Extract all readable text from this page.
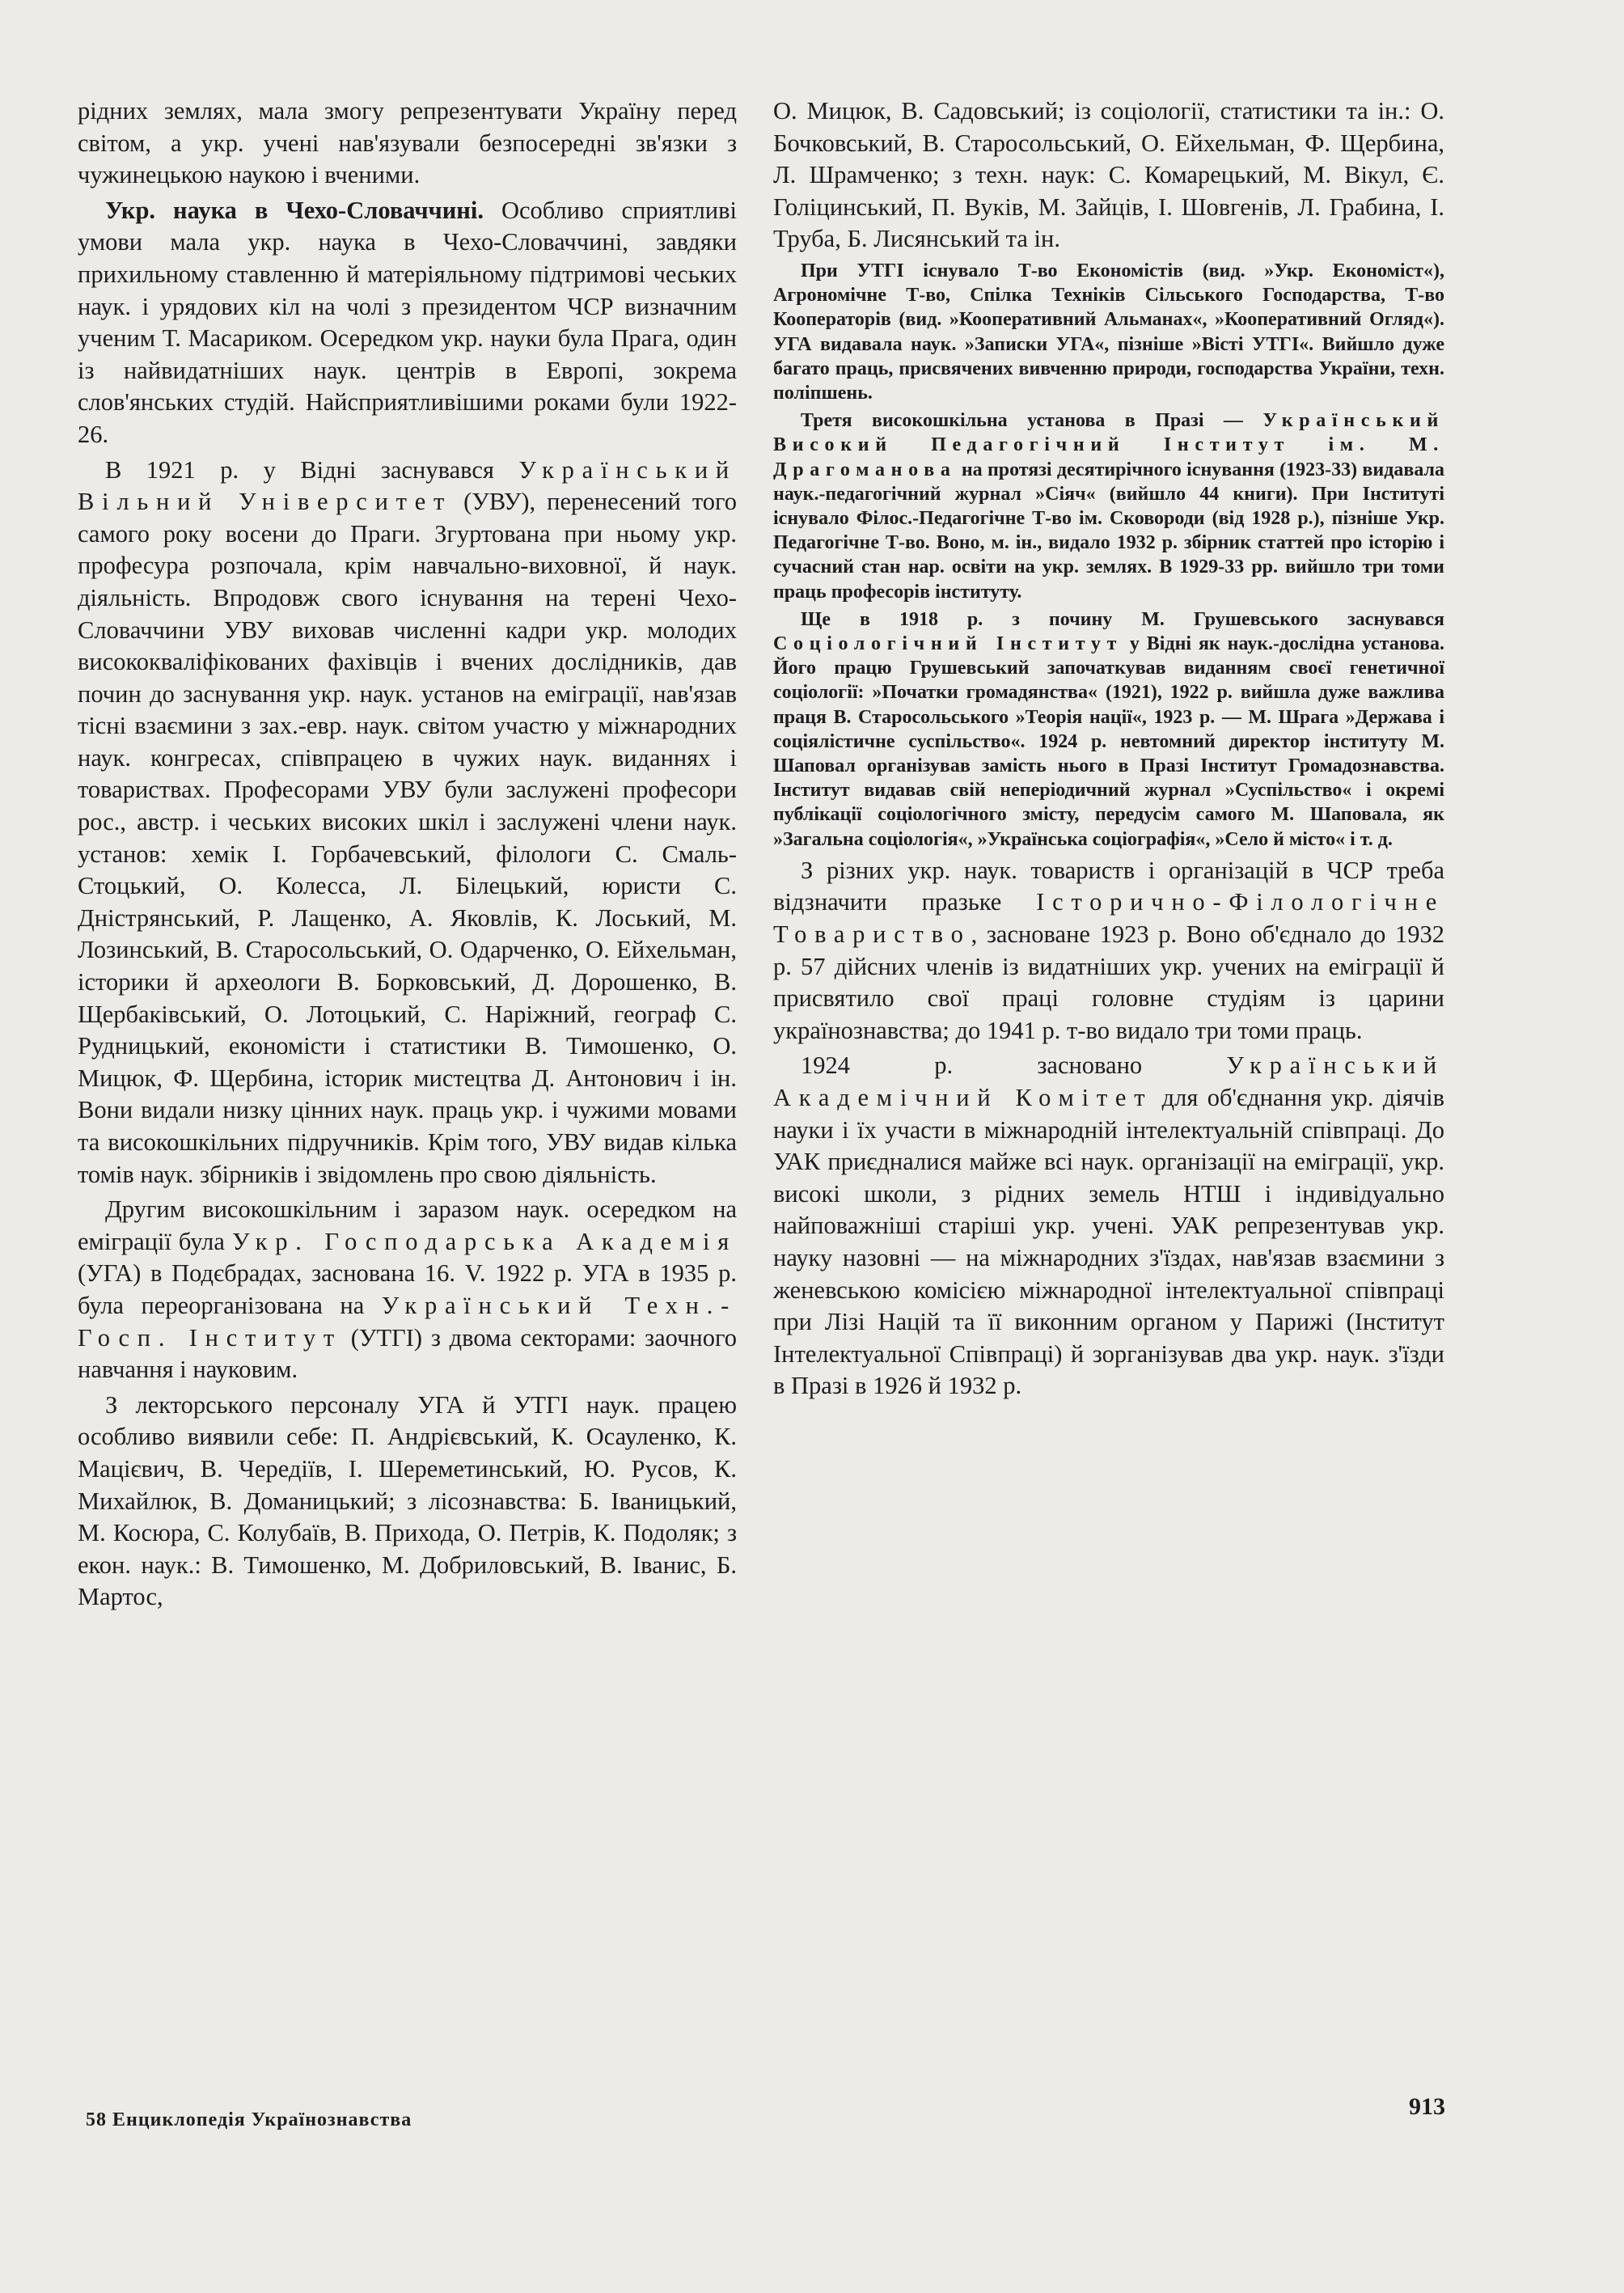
рідних землях, мала змогу репрезентувати Україну перед світом, а укр. учені нав'язували безпосередні зв'язки з чужинецькою наукою і вченими.

Укр. наука в Чехо-Словаччині. Особливо сприятливі умови мала укр. наука в Чехо-Словаччині, завдяки прихильному ставленню й матеріяльному підтримові чеських наук. і урядових кіл на чолі з президентом ЧСР визначним ученим Т. Масариком. Осередком укр. науки була Прага, один із найвидатніших наук. центрів в Европі, зокрема слов'янських студій. Найсприятливішими роками були 1922-26.

В 1921 р. у Відні заснувався Український Вільний Університет (УВУ), перенесений того самого року восени до Праги. Згуртована при ньому укр. професура розпочала, крім навчально-виховної, й наук. діяльність. Впродовж свого існування на терені Чехо-Словаччини УВУ виховав численні кадри укр. молодих висококваліфікованих фахівців і вчених дослідників, дав почин до заснування укр. наук. установ на еміграції, нав'язав тісні взаємини з зах.-евр. наук. світом участю у міжнародних наук. конгресах, співпрацею в чужих наук. виданнях і товариствах. Професорами УВУ були заслужені професори рос., австр. і чеських високих шкіл і заслужені члени наук. установ: хемік І. Горбачевський, філологи С. Смаль-Стоцький, О. Колесса, Л. Білецький, юристи С. Дністрянський, Р. Лащенко, А. Яковлів, К. Лоський, М. Лозинський, В. Старосольський, О. Одарченко, О. Ейхельман, історики й археологи В. Борковський, Д. Дорошенко, В. Щербаківський, О. Лотоцький, С. Наріжний, географ С. Рудницький, економісти і статистики В. Тимошенко, О. Мицюк, Ф. Щербина, історик мистецтва Д. Антонович і ін. Вони видали низку цінних наук. праць укр. і чужими мовами та високошкільних підручників. Крім того, УВУ видав кілька томів наук. збірників і звідомлень про свою діяльність.

Другим високошкільним і заразом наук. осередком на еміграції була Укр. Господарська Академія (УГА) в Подєбрадах, заснована 16. V. 1922 р. УГА в 1935 р. була переорганізована на Український Техн.-Госп. Інститут (УТГІ) з двома секторами: заочного навчання і науковим.

З лекторського персоналу УГА й УТГІ наук. працею особливо виявили себе: П. Андрієвський, К. Осауленко, К. Мацієвич, В. Чередіїв, І. Шереметинський, Ю. Русов, К. Михайлюк, В. Доманицький; з лісознавства: Б. Іваницький, М. Косюра, С. Колубаїв, В. Прихода, О. Петрів, К. Подоляк; з екон. наук.: В. Тимошенко, М. Добриловський, В. Іванис, Б. Мартос,

О. Мицюк, В. Садовський; із соціології, статистики та ін.: О. Бочковський, В. Старосольський, О. Ейхельман, Ф. Щербина, Л. Шрамченко; з техн. наук: С. Комарецький, М. Вікул, Є. Голіцинський, П. Вуків, М. Зайців, І. Шовгенів, Л. Грабина, І. Труба, Б. Лисянський та ін.

При УТГІ існувало Т-во Економістів (вид. »Укр. Економіст«), Агрономічне Т-во, Спілка Техніків Сільського Господарства, Т-во Кооператорів (вид. »Кооперативний Альманах«, »Кооперативний Огляд«). УГА видавала наук. »Записки УГА«, пізніше »Вісті УТГІ«. Вийшло дуже багато праць, присвячених вивченню природи, господарства України, техн. поліпшень.

Третя високошкільна установа в Празі — Український Високий Педагогічний Інститут ім. М. Драгоманова на протязі десятирічного існування (1923-33) видавала наук.-педагогічний журнал »Сіяч« (вийшло 44 книги). При Інституті існувало Філос.-Педагогічне Т-во ім. Сковороди (від 1928 р.), пізніше Укр. Педагогічне Т-во. Воно, м. ін., видало 1932 р. збірник статтей про історію і сучасний стан нар. освіти на укр. землях. В 1929-33 рр. вийшло три томи праць професорів інституту.

Ще в 1918 р. з почину М. Грушевського заснувався Соціологічний Інститут у Відні як наук.-дослідна установа. Його працю Грушевський започаткував виданням своєї генетичної соціології: »Початки громадянства« (1921), 1922 р. вийшла дуже важлива праця В. Старосольського »Теорія нації«, 1923 р. — М. Шрага »Держава і соціялістичне суспільство«. 1924 р. невтомний директор інституту М. Шаповал організував замість нього в Празі Інститут Громадознавства. Інститут видавав свій неперіодичний журнал »Суспільство« і окремі публікації соціологічного змісту, передусім самого М. Шаповала, як »Загальна соціологія«, »Українська соціографія«, »Село й місто« і т. д.

З різних укр. наук. товариств і організацій в ЧСР треба відзначити празьке Історично-Філологічне Товариство, засноване 1923 р. Воно об'єднало до 1932 р. 57 дійсних членів із видатніших укр. учених на еміграції й присвятило свої праці головне студіям із царини українознавства; до 1941 р. т-во видало три томи праць.

1924 р. засновано Український Академічний Комітет для об'єднання укр. діячів науки і їх участи в міжнародній інтелектуальній співпраці. До УАК приєдналися майже всі наук. організації на еміграції, укр. високі школи, з рідних земель НТШ і індивідуально найповажніші старіші укр. учені. УАК репрезентував укр. науку назовні — на міжнародних з'їздах, нав'язав взаємини з женевською комісією міжнародної інтелектуальної співпраці при Лізі Націй та її виконним органом у Парижі (Інститут Інтелектуальної Співпраці) й зорганізував два укр. наук. з'їзди в Празі в 1926 й 1932 р.

58 Енциклопедія Українознавства	913
